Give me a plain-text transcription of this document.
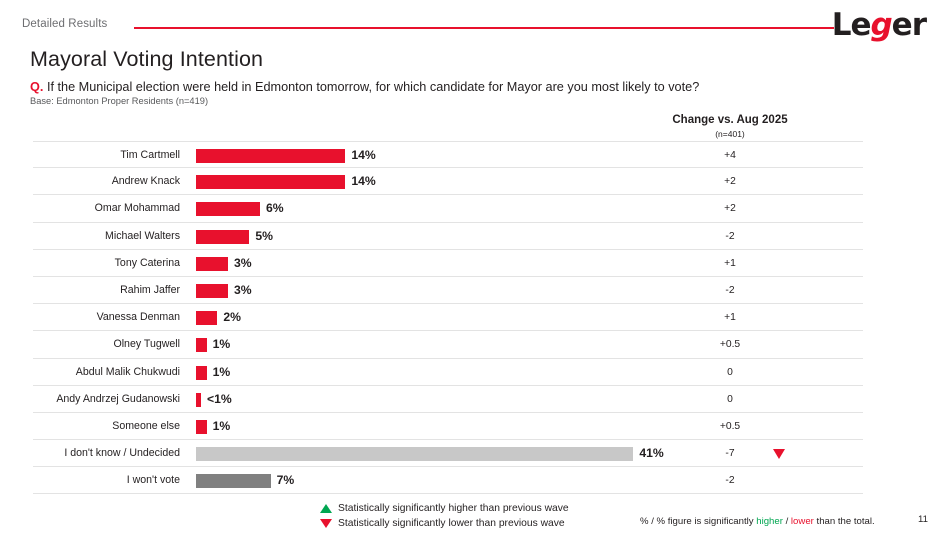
Detailed Results	Leger
Mayoral Voting Intention
Q. If the Municipal election were held in Edmonton tomorrow, for which candidate for Mayor are you most likely to vote?
Base: Edmonton Proper Residents (n=419)
Change vs. Aug 2025
(n=401)
Tim Cartmell	14%	+4
Andrew Knack	14%	+2
Omar Mohammad	6%	+2
Michael Walters	5%	-2
Tony Caterina	3%	+1
Rahim Jaffer	3%	-2
Vanessa Denman	2%	+1
Olney Tugwell	1%	+0.5
Abdul Malik Chukwudi	1%	0
Andy Andrzej Gudanowski	<1%	0
Someone else	1%	+0.5
I don't know / Undecided	41%	-7
I won't vote	7%	-2
Statistically significantly higher than previous wave
Statistically significantly lower than previous wave	% / % figure is significantly higher / lower than the total.	11
